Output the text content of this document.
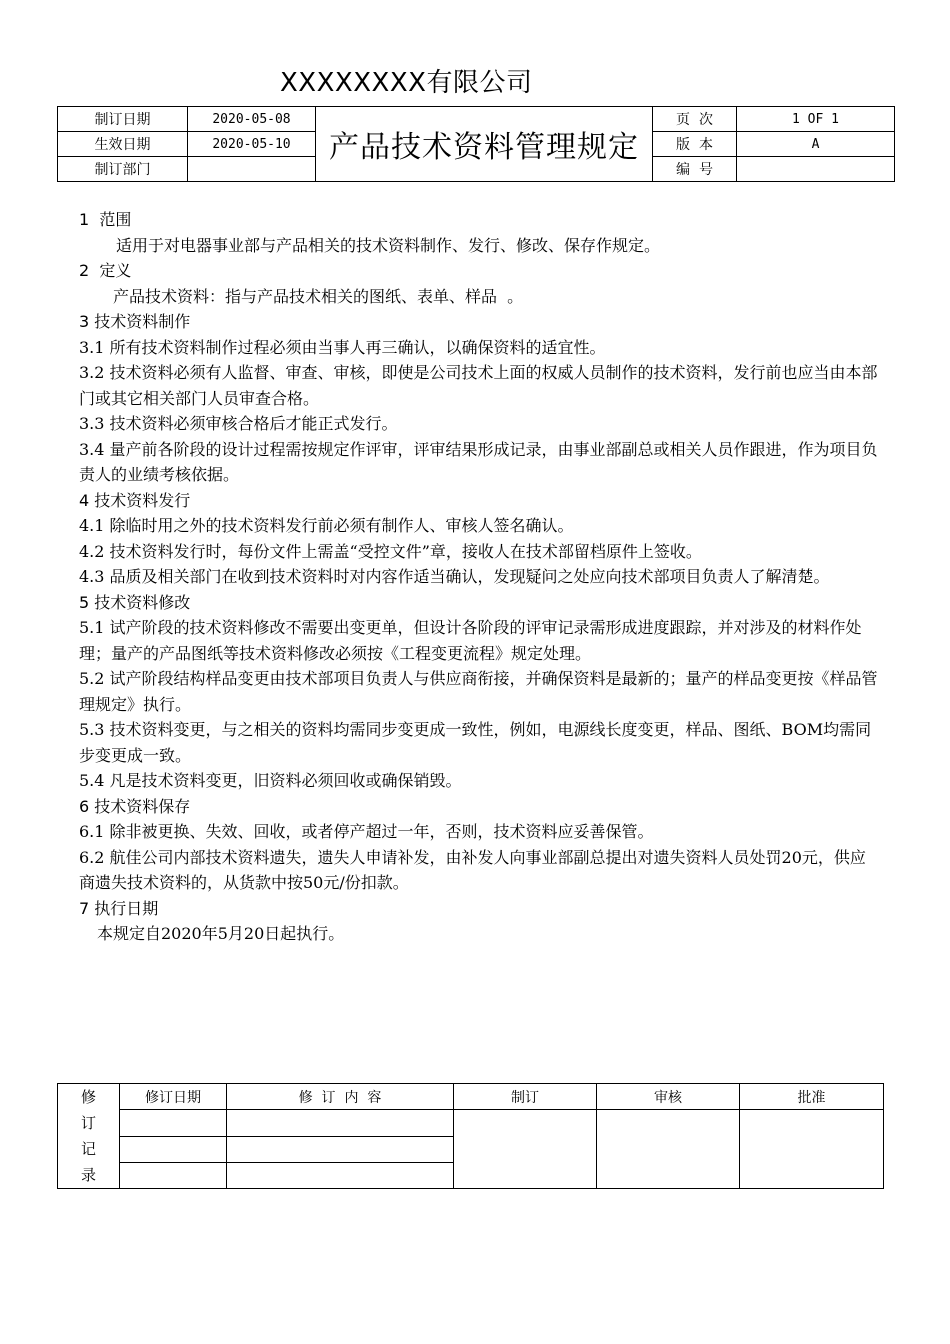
XXXXXXXX有限公司
制订日期	2020-05-08	产品技术资料管理规定	页  次	1 OF 1
生效日期	2020-05-10		版  本	A
制订部门			编  号	

1  范围

适用于对电器事业部与产品相关的技术资料制作、发行、修改、保存作规定。

2  定义

产品技术资料：指与产品技术相关的图纸、表单、样品  。

3 技术资料制作

3.1 所有技术资料制作过程必须由当事人再三确认，以确保资料的适宜性。

3.2 技术资料必须有人监督、审查、审核，即使是公司技术上面的权威人员制作的技术资料，发行前也应当由本部门或其它相关部门人员审查合格。

3.3 技术资料必须审核合格后才能正式发行。

3.4 量产前各阶段的设计过程需按规定作评审，评审结果形成记录，由事业部副总或相关人员作跟进，作为项目负责人的业绩考核依据。

4 技术资料发行

4.1 除临时用之外的技术资料发行前必须有制作人、审核人签名确认。

4.2 技术资料发行时，每份文件上需盖“受控文件”章，接收人在技术部留档原件上签收。

4.3 品质及相关部门在收到技术资料时对内容作适当确认，发现疑问之处应向技术部项目负责人了解清楚。

5 技术资料修改

5.1 试产阶段的技术资料修改不需要出变更单，但设计各阶段的评审记录需形成进度跟踪，并对涉及的材料作处理；量产的产品图纸等技术资料修改必须按《工程变更流程》规定处理。

5.2 试产阶段结构样品变更由技术部项目负责人与供应商衔接，并确保资料是最新的；量产的样品变更按《样品管理规定》执行。

5.3 技术资料变更，与之相关的资料均需同步变更成一致性，例如，电源线长度变更，样品、图纸、BOM均需同步变更成一致。

5.4 凡是技术资料变更，旧资料必须回收或确保销毁。

6 技术资料保存

6.1 除非被更换、失效、回收，或者停产超过一年，否则，技术资料应妥善保管。

6.2 航佳公司内部技术资料遗失，遗失人申请补发，由补发人向事业部副总提出对遗失资料人员处罚20元，供应商遗失技术资料的，从货款中按50元/份扣款。

7 执行日期

本规定自2020年5月20日起执行。

修
订
记
录	修订日期	修  订  内  容	制订	审核	批准
